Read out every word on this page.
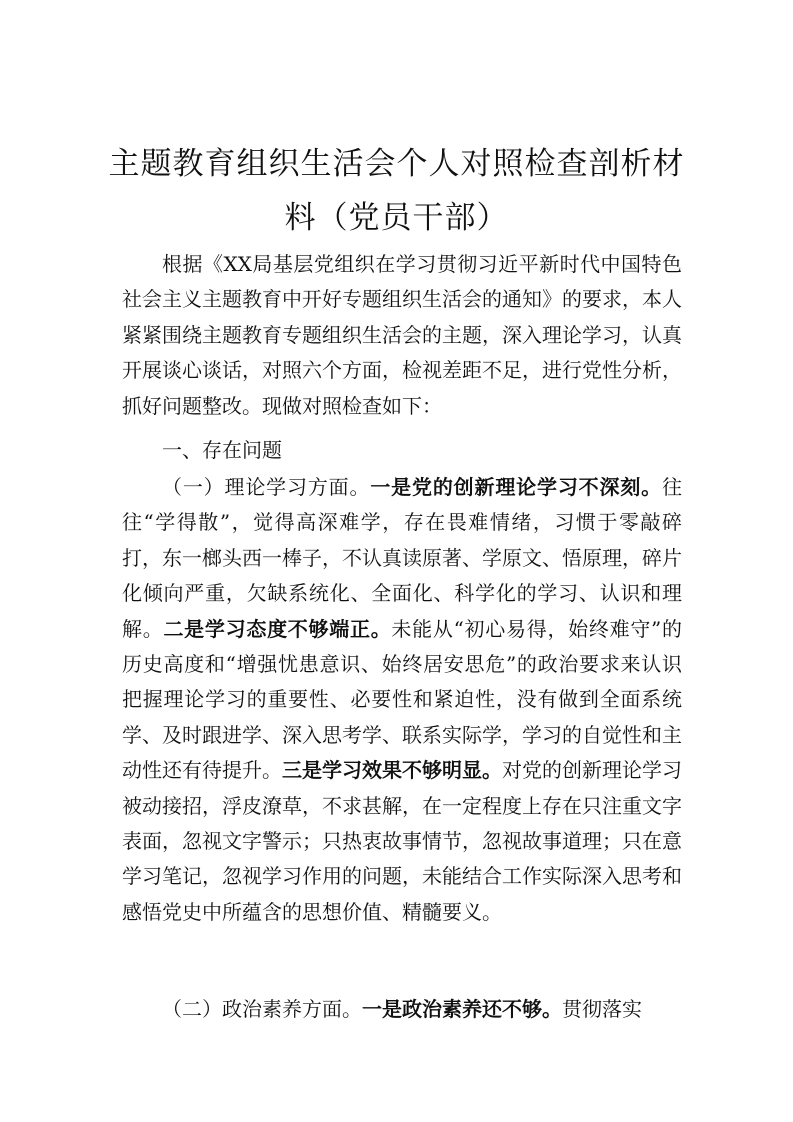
主题教育组织生活会个人对照检查剖析材
料（党员干部）

根据《XX局基层党组织在学习贯彻习近平新时代中国特色社会主义主题教育中开好专题组织生活会的通知》的要求，本人紧紧围绕主题教育专题组织生活会的主题，深入理论学习，认真开展谈心谈话，对照六个方面，检视差距不足，进行党性分析，抓好问题整改。现做对照检查如下：

一、存在问题

（一）理论学习方面。一是党的创新理论学习不深刻。往往“学得散”，觉得高深难学，存在畏难情绪，习惯于零敲碎打，东一榔头西一棒子，不认真读原著、学原文、悟原理，碎片化倾向严重，欠缺系统化、全面化、科学化的学习、认识和理解。二是学习态度不够端正。未能从“初心易得，始终难守”的历史高度和“增强忧患意识、始终居安思危”的政治要求来认识把握理论学习的重要性、必要性和紧迫性，没有做到全面系统学、及时跟进学、深入思考学、联系实际学，学习的自觉性和主动性还有待提升。三是学习效果不够明显。对党的创新理论学习被动接招，浮皮潦草，不求甚解，在一定程度上存在只注重文字表面，忽视文字警示；只热衷故事情节，忽视故事道理；只在意学习笔记，忽视学习作用的问题，未能结合工作实际深入思考和感悟党史中所蕴含的思想价值、精髓要义。

（二）政治素养方面。一是政治素养还不够。贯彻落实
